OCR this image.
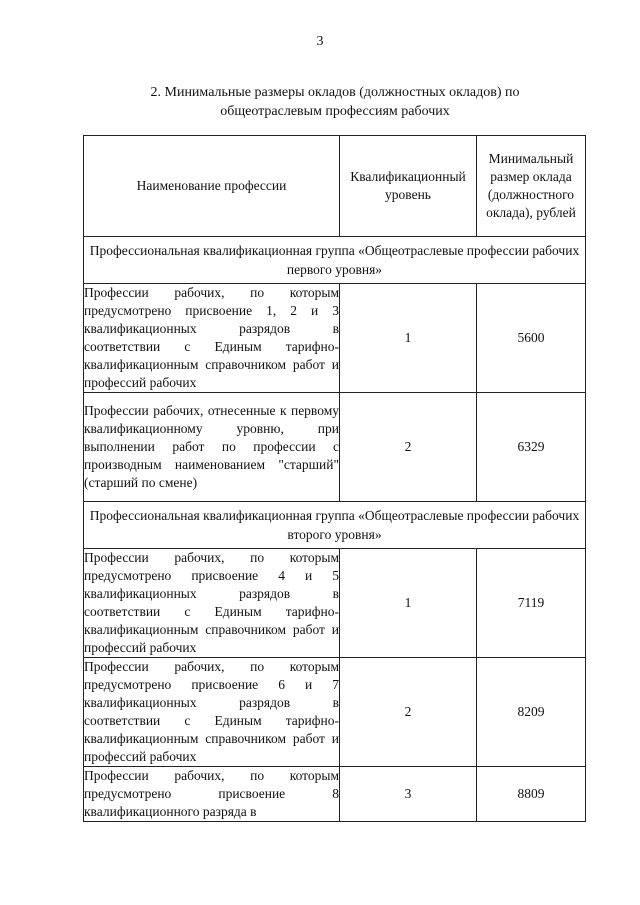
3
2. Минимальные размеры окладов (должностных окладов) по общеотраслевым профессиям рабочих
Наименование профессии	Квалификационный уровень	Минимальный размер оклада (должностного оклада), рублей
Профессиональная квалификационная группа «Общеотраслевые профессии рабочих первого уровня»		
Профессии рабочих, по которым предусмотрено присвоение 1, 2 и 3 квалификационных разрядов в соответствии с Единым тарифно-квалификационным справочником работ и профессий рабочих	1	5600
Профессии рабочих, отнесенные к первому квалификационному уровню, при выполнении работ по профессии с производным наименованием "старший" (старший по смене)	2	6329
Профессиональная квалификационная группа «Общеотраслевые профессии рабочих второго уровня»		
Профессии рабочих, по которым предусмотрено присвоение 4 и 5 квалификационных разрядов в соответствии с Единым тарифно-квалификационным справочником работ и профессий рабочих	1	7119
Профессии рабочих, по которым предусмотрено присвоение 6 и 7 квалификационных разрядов в соответствии с Единым тарифно-квалификационным справочником работ и профессий рабочих	2	8209
Профессии рабочих, по которым предусмотрено присвоение 8 квалификационного разряда в	3	8809
